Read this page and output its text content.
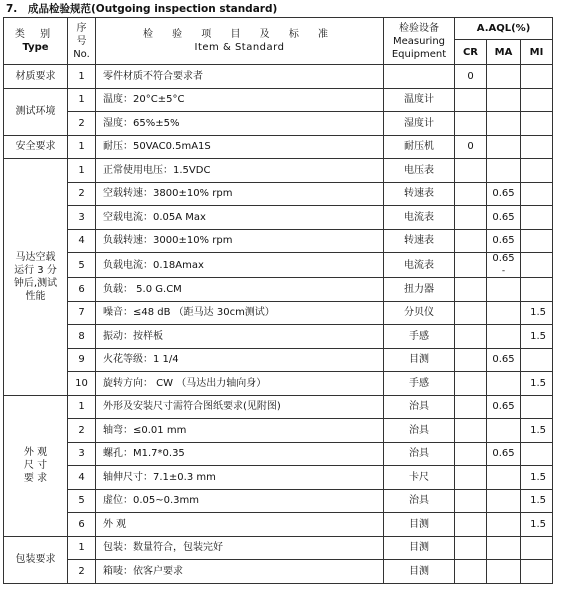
7. 成品检验规范(Outgoing inspection standard)
类 别
Type	序
号
No.	检 验 项 目 及 标 准
Item & Standard	检验设备
Measuring
Equipment	A.AQL(%)		
				CR	MA	MI
材质要求	1	零件材质不符合要求者		0		
测试环境	1	温度：20°C±5°C	温度计			
	2	湿度：65%±5%	湿度计			
安全要求	1	耐压：50VAC0.5mA1S	耐压机	0		

马达空载
运行 3 分
钟后,测试
性能	1	正常使用电压：1.5VDC	电压表			
	2	空载转速：3800±10% rpm	转速表		0.65	
	3	空载电流：0.05A Max	电流表		0.65	
	4	负载转速：3000±10% rpm	转速表		0.65	
	5	负载电流：0.18Amax	电流表		0.65
-	

	6	负载： 5.0 G.CM	扭力器			
	7	噪音：≤48 dB （距马达 30cm测试）	分贝仪			1.5
	8	振动：按样板	手感			1.5
	9	火花等级：1 1/4	目测		0.65	
	10	旋转方向： CW （马达出力轴向身）	手感			1.5

外 观
尺 寸
要 求	1	外形及安装尺寸需符合图纸要求(见附图)	治具		0.65	
	2	轴弯：≤0.01 mm	治具			1.5
	3	螺孔：M1.7*0.35	治具		0.65	
	4	轴伸尺寸：7.1±0.3 mm	卡尺			1.5
	5	虚位：0.05~0.3mm	治具			1.5
	6	外 观	目测			1.5
包装要求	1	包装：数量符合，包装完好	目测			
	2	箱唛：依客户要求	目测			
